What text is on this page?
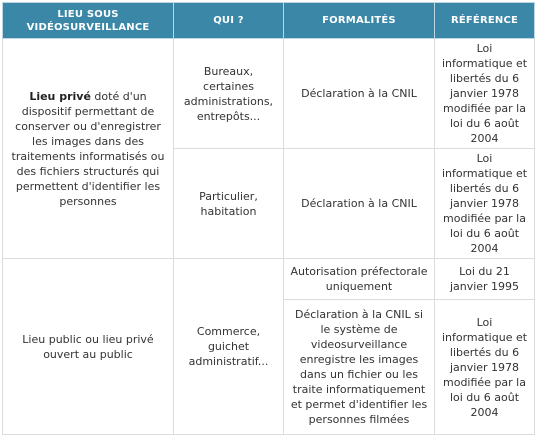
LIEU SOUS VIDÉOSURVEILLANCE	QUI ?	FORMALITÉS	RÉFÉRENCE
Lieu privé doté d'un dispositif permettant de conserver ou d'enregistrer les images dans des traitements informatisés ou des fichiers structurés qui permettent d'identifier les personnes	Bureaux, certaines administrations, entrepôts...	Déclaration à la CNIL	Loi informatique et libertés du 6 janvier 1978 modifiée par la loi du 6 août 2004
	Particulier, habitation	Déclaration à la CNIL	Loi informatique et libertés du 6 janvier 1978 modifiée par la loi du 6 août 2004
Lieu public ou lieu privé ouvert au public	Commerce, guichet administratif...	Autorisation préfectorale uniquement	Loi du 21 janvier 1995
		Déclaration à la CNIL si le système de videosurveillance enregistre les images dans un fichier ou les traite informatiquement et permet d'identifier les personnes filmées	Loi informatique et libertés du 6 janvier 1978 modifiée par la loi du 6 août 2004
